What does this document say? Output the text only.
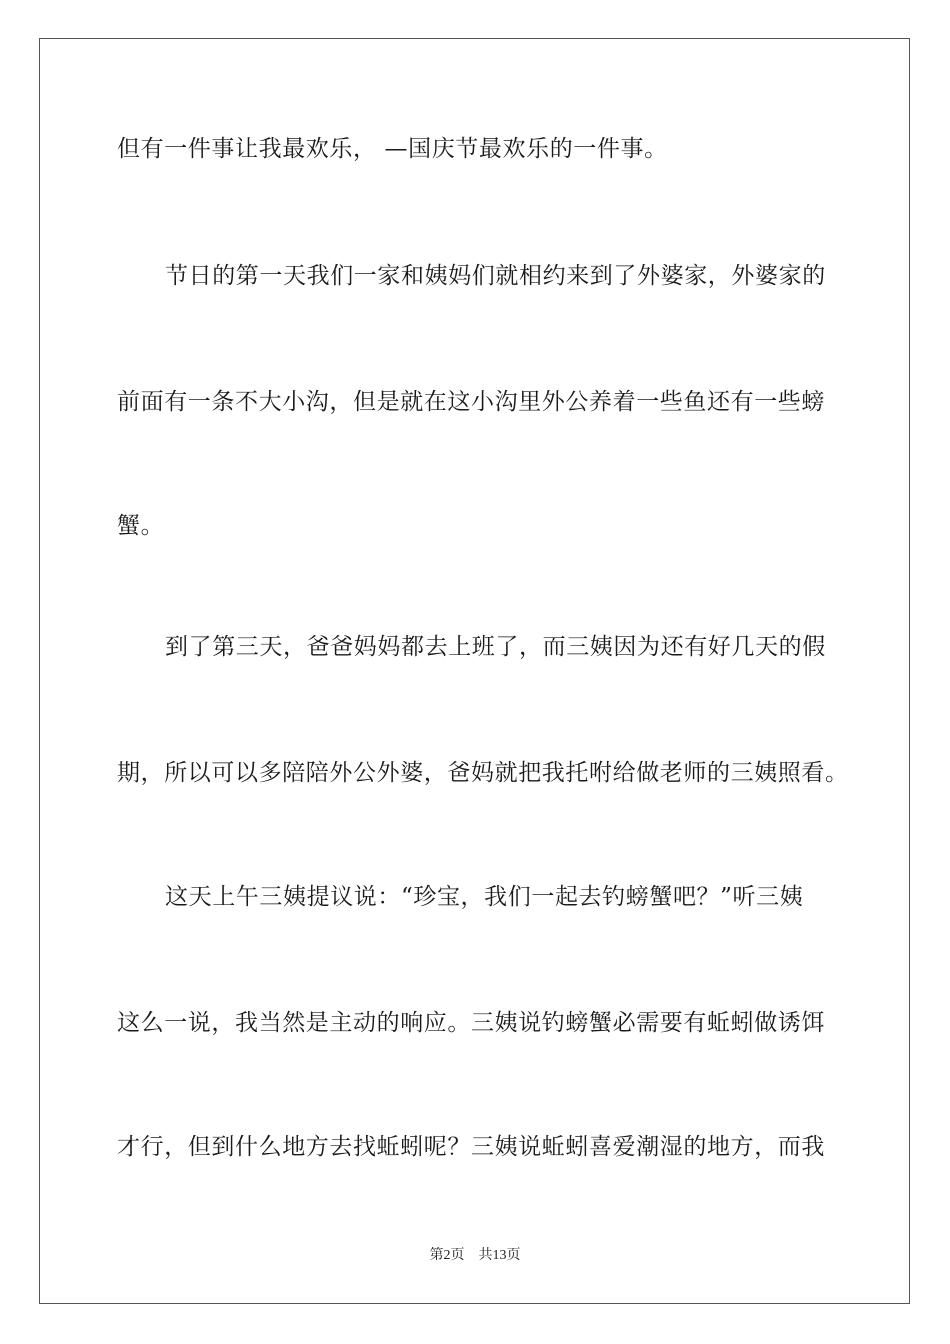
但有一件事让我最欢乐， —国庆节最欢乐的一件事。
节日的第一天我们一家和姨妈们就相约来到了外婆家，外婆家的
前面有一条不大小沟，但是就在这小沟里外公养着一些鱼还有一些螃
蟹。
到了第三天，爸爸妈妈都去上班了，而三姨因为还有好几天的假
期，所以可以多陪陪外公外婆，爸妈就把我托咐给做老师的三姨照看。
这天上午三姨提议说：“珍宝，我们一起去钓螃蟹吧？”听三姨
这么一说，我当然是主动的响应。三姨说钓螃蟹必需要有蚯蚓做诱饵
才行，但到什么地方去找蚯蚓呢？三姨说蚯蚓喜爱潮湿的地方，而我
第2页 共13页
